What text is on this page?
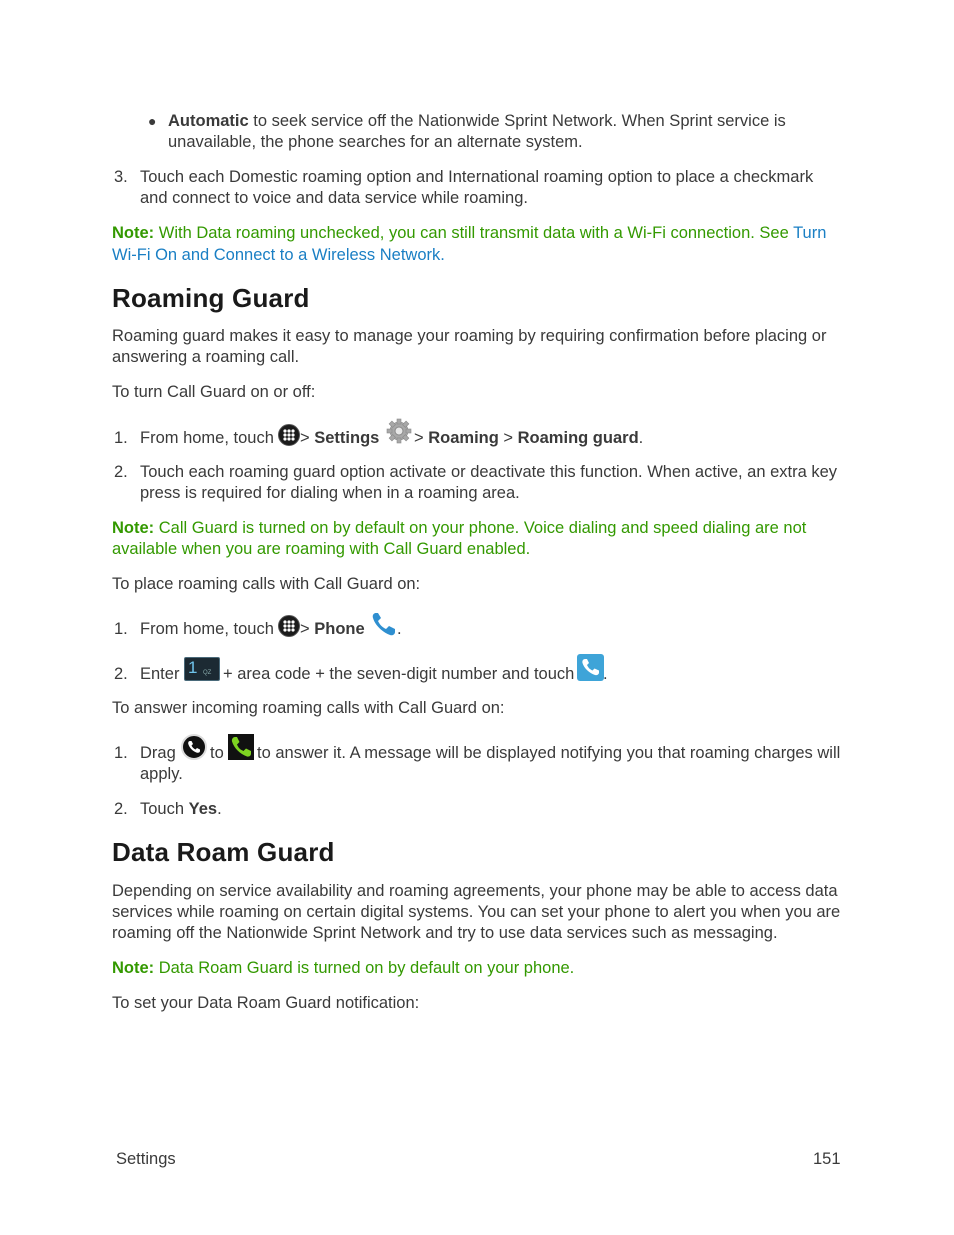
● Automatic to seek service off the Nationwide Sprint Network. When Sprint service is
unavailable, the phone searches for an alternate system.
3. Touch each Domestic roaming option and International roaming option to place a checkmark
and connect to voice and data service while roaming.
Note: With Data roaming unchecked, you can still transmit data with a Wi-Fi connection. See Turn
Wi-Fi On and Connect to a Wireless Network.
Roaming Guard
Roaming guard makes it easy to manage your roaming by requiring confirmation before placing or
answering a roaming call.
To turn Call Guard on or off:
1. From home, touch > Settings > Roaming > Roaming guard.
2. Touch each roaming guard option activate or deactivate this function. When active, an extra key
press is required for dialing when in a roaming area.
Note: Call Guard is turned on by default on your phone. Voice dialing and speed dialing are not
available when you are roaming with Call Guard enabled.
To place roaming calls with Call Guard on:
1. From home, touch > Phone .
2. Enter 1 QZ + area code + the seven-digit number and touch .
To answer incoming roaming calls with Call Guard on:
1. Drag to to answer it. A message will be displayed notifying you that roaming charges will
apply.
2. Touch Yes.
Data Roam Guard
Depending on service availability and roaming agreements, your phone may be able to access data
services while roaming on certain digital systems. You can set your phone to alert you when you are
roaming off the Nationwide Sprint Network and try to use data services such as messaging.
Note: Data Roam Guard is turned on by default on your phone.
To set your Data Roam Guard notification:
Settings	151
